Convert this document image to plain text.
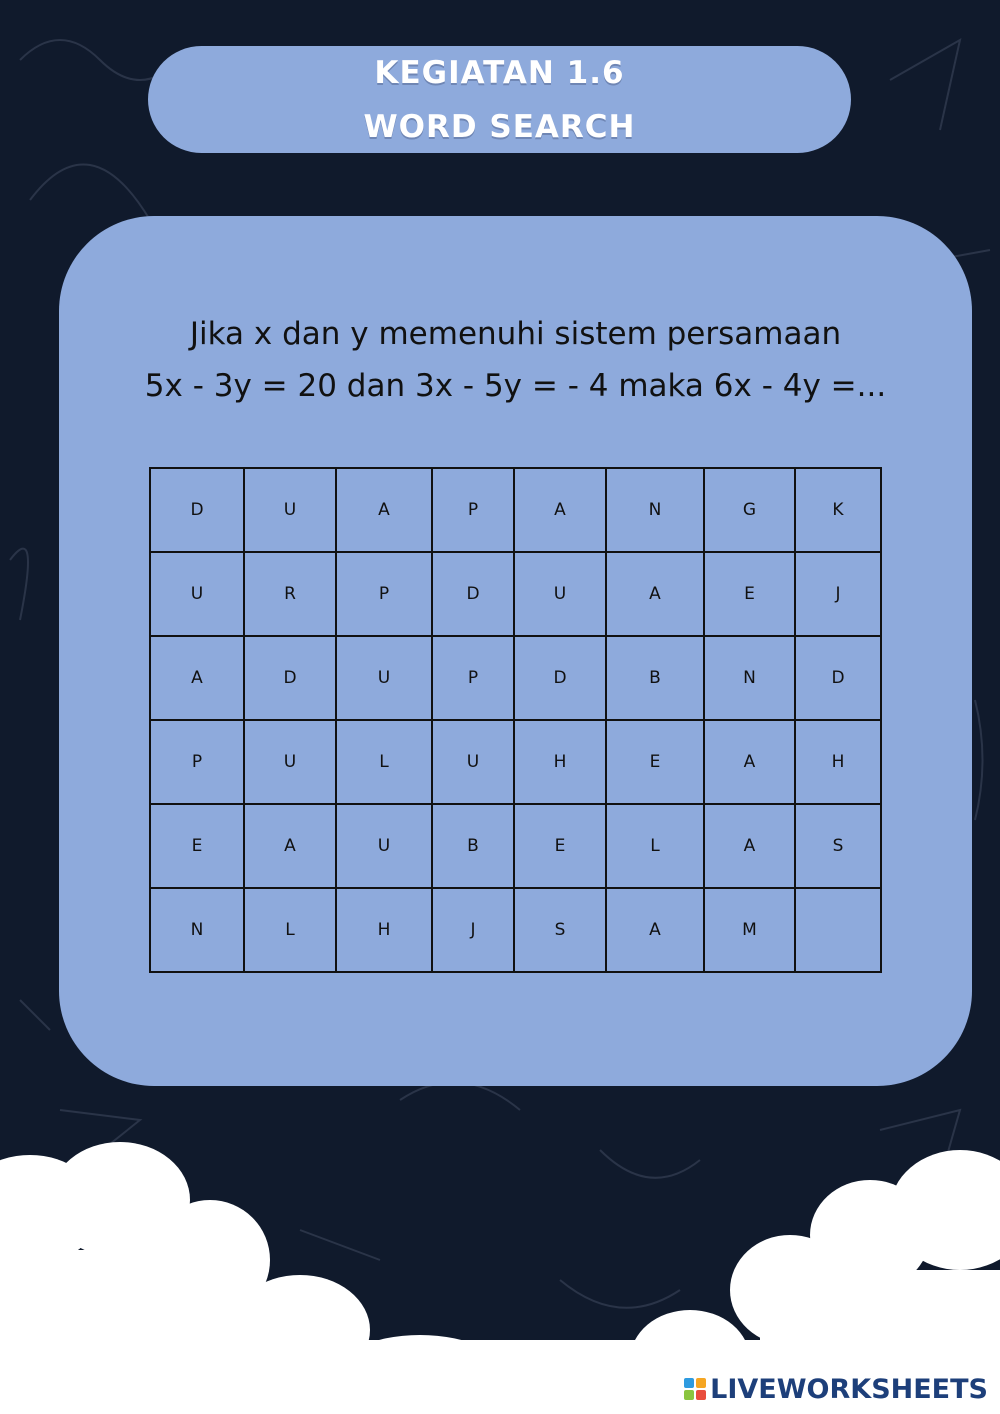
KEGIATAN 1.6
WORD SEARCH
Jika x dan y memenuhi sistem persamaan
5x - 3y = 20 dan 3x - 5y = - 4 maka 6x - 4y =...
D	U	A	P	A	N	G	K
U	R	P	D	U	A	E	J
A	D	U	P	D	B	N	D
P	U	L	U	H	E	A	H
E	A	U	B	E	L	A	S
N	L	H	J	S	A	M	
LIVEWORKSHEETS
